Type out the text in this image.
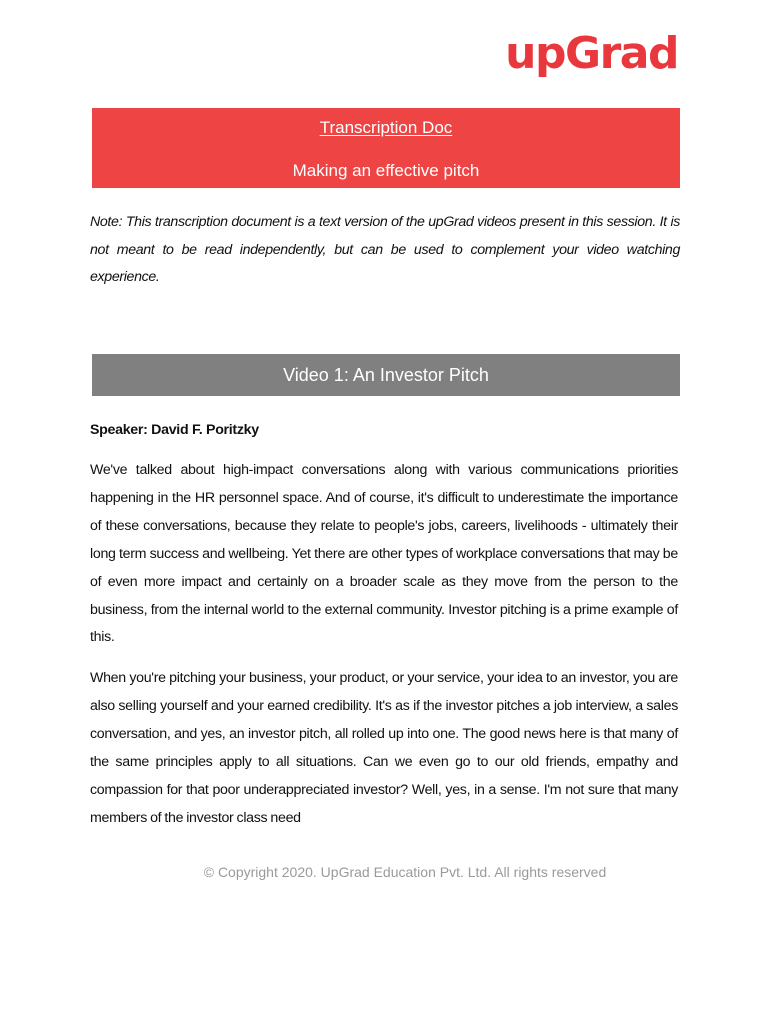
upGrad
Transcription Doc
Making an effective pitch

Note: This transcription document is a text version of the upGrad videos present in this session. It is not meant to be read independently, but can be used to complement your video watching experience.

Video 1: An Investor Pitch
Speaker: David F. Poritzky

We've talked about high-impact conversations along with various communications priorities happening in the HR personnel space. And of course, it's difficult to underestimate the importance of these conversations, because they relate to people's jobs, careers, livelihoods - ultimately their long term success and wellbeing. Yet there are other types of workplace conversations that may be of even more impact and certainly on a broader scale as they move from the person to the business, from the internal world to the external community. Investor pitching is a prime example of this.

When you're pitching your business, your product, or your service, your idea to an investor, you are also selling yourself and your earned credibility. It's as if the investor pitches a job interview, a sales conversation, and yes, an investor pitch, all rolled up into one. The good news here is that many of the same principles apply to all situations. Can we even go to our old friends, empathy and compassion for that poor underappreciated investor? Well, yes, in a sense. I'm not sure that many members of the investor class need

© Copyright 2020. UpGrad Education Pvt. Ltd. All rights reserved
